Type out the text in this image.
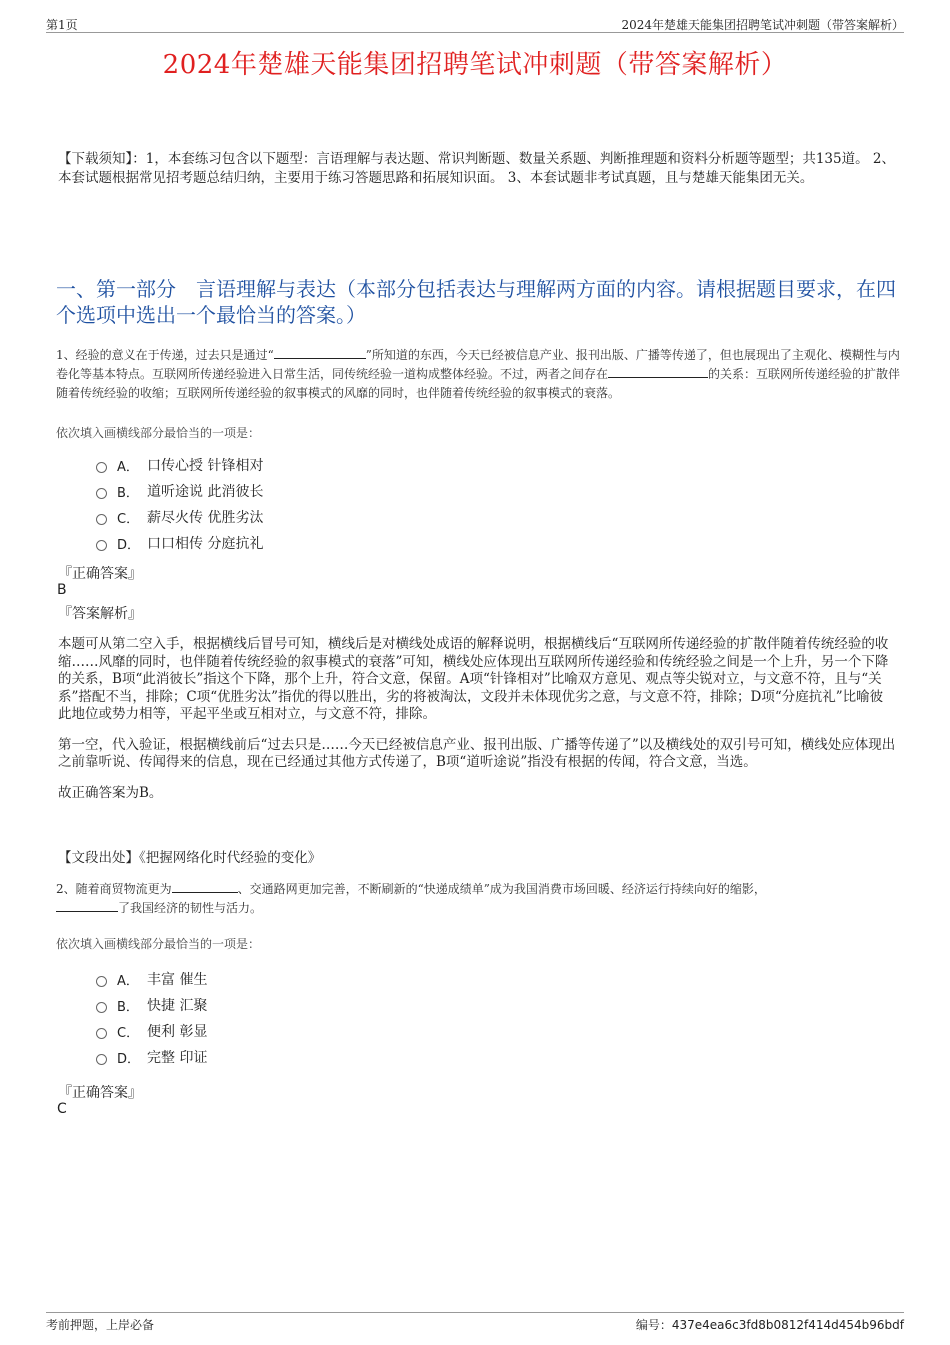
第1页	2024年楚雄天能集团招聘笔试冲刺题（带答案解析）
2024年楚雄天能集团招聘笔试冲刺题（带答案解析）
【下载须知】：1，本套练习包含以下题型：言语理解与表达题、常识判断题、数量关系题、判断推理题和资料分析题等题型；共135道。 2、本套试题根据常见招考题总结归纳，主要用于练习答题思路和拓展知识面。 3、本套试题非考试真题，且与楚雄天能集团无关。
一、第一部分　言语理解与表达（本部分包括表达与理解两方面的内容。请根据题目要求，在四个选项中选出一个最恰当的答案。）
1、经验的意义在于传递，过去只是通过“	”所知道的东西，今天已经被信息产业、报刊出版、广播等传递了，但也展现出了主观化、模糊性与内卷化等基本特点。互联网所传递经验进入日常生活，同传统经验一道构成整体经验。不过，两者之间存在	的关系：互联网所传递经验的扩散伴随着传统经验的收缩；互联网所传递经验的叙事模式的风靡的同时，也伴随着传统经验的叙事模式的衰落。
依次填入画横线部分最恰当的一项是：
A． 口传心授 针锋相对
B． 道听途说 此消彼长
C． 薪尽火传 优胜劣汰
D． 口口相传 分庭抗礼
『正确答案』
B
『答案解析』

本题可从第二空入手，根据横线后冒号可知，横线后是对横线处成语的解释说明，根据横线后“互联网所传递经验的扩散伴随着传统经验的收缩……风靡的同时，也伴随着传统经验的叙事模式的衰落”可知，横线处应体现出互联网所传递经验和传统经验之间是一个上升，另一个下降的关系，B项“此消彼长”指这个下降，那个上升，符合文意，保留。A项“针锋相对”比喻双方意见、观点等尖锐对立，与文意不符，且与“关系”搭配不当，排除；C项“优胜劣汰”指优的得以胜出，劣的将被淘汰，文段并未体现优劣之意，与文意不符，排除；D项“分庭抗礼”比喻彼此地位或势力相等，平起平坐或互相对立，与文意不符，排除。

第一空，代入验证，根据横线前后“过去只是……今天已经被信息产业、报刊出版、广播等传递了”以及横线处的双引号可知，横线处应体现出之前靠听说、传闻得来的信息，现在已经通过其他方式传递了，B项“道听途说”指没有根据的传闻，符合文意，当选。

故正确答案为B。

【文段出处】《把握网络化时代经验的变化》
2、随着商贸物流更为	、交通路网更加完善，不断刷新的“快递成绩单”成为我国消费市场回暖、经济运行持续向好的缩影，
了我国经济的韧性与活力。
依次填入画横线部分最恰当的一项是：
A． 丰富 催生
B． 快捷 汇聚
C． 便利 彰显
D． 完整 印证
『正确答案』
C
考前押题，上岸必备	编号：437e4ea6c3fd8b0812f414d454b96bdf
